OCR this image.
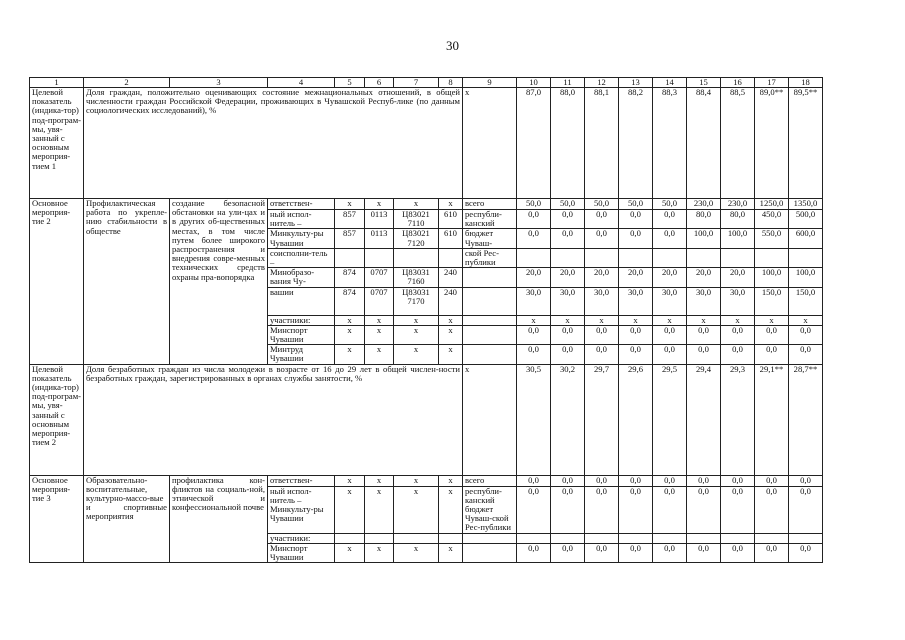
30
1	2	3	4	5	6	7	8	9	10	11	12	13	14	15	16	17	18
Целевой показатель (индика-тор) под-програм-мы, увя-занный с основным мероприя-тием 1	Доля граждан, положительно оценивающих состояние межнациональных отношений, в общей численности граждан Российской Федерации, проживающих в Чувашской Респуб-лике (по данным социологических исследований), %							х	87,0	88,0	88,1	88,2	88,3	88,4	88,5	89,0**	89,5**
Основное мероприя-тие 2	Профилактическая работа по укрепле-нию стабильности в обществе	создание безопасной обстановки на ули-цах и в других об-щественных местах, в том числе путем более широкого распространения и внедрения совре-менных технических средств охраны пра-вопорядка	ответствен-	х	х	х	х	всего	50,0	50,0	50,0	50,0	50,0	230,0	230,0	1250,0	1350,0
			ный испол-нитель –	857	0113	Ц83021 7110	610	республи-канский	0,0	0,0	0,0	0,0	0,0	80,0	80,0	450,0	500,0
			Минкульту-ры Чувашии	857	0113	Ц83021 7120	610	бюджет Чуваш-	0,0	0,0	0,0	0,0	0,0	100,0	100,0	550,0	600,0
			соисполни-тель –					ской Рес-публики									
			Минобразо-вания Чу-	874	0707	Ц83031 7160	240		20,0	20,0	20,0	20,0	20,0	20,0	20,0	100,0	100,0
			вашии	874	0707	Ц83031 7170	240		30,0	30,0	30,0	30,0	30,0	30,0	30,0	150,0	150,0
			участники:	х	х	х	х		х	х	х	х	х	х	х	х	х
			Минспорт Чувашии	х	х	х	х		0,0	0,0	0,0	0,0	0,0	0,0	0,0	0,0	0,0
			Минтруд Чувашии	х	х	х	х		0,0	0,0	0,0	0,0	0,0	0,0	0,0	0,0	0,0
Целевой показатель (индика-тор) под-програм-мы, увя-занный с основным мероприя-тием 2	Доля безработных граждан из числа молодежи в возрасте от 16 до 29 лет в общей числен-ности безработных граждан, зарегистрированных в органах службы занятости, %							х	30,5	30,2	29,7	29,6	29,5	29,4	29,3	29,1**	28,7**
Основное мероприя-тие 3	Образовательно-воспитательные, культурно-массо-вые и спортивные мероприятия	профилактика кон-фликтов на социаль-ной, этнической и конфессиональной почве	ответствен-	х	х	х	х	всего	0,0	0,0	0,0	0,0	0,0	0,0	0,0	0,0	0,0
			ный испол-нитель – Минкульту-ры Чувашии	х	х	х	х	республи-канский бюджет Чуваш-ской Рес-публики	0,0	0,0	0,0	0,0	0,0	0,0	0,0	0,0	0,0
			участники:														
			Минспорт Чувашии	х	х	х	х		0,0	0,0	0,0	0,0	0,0	0,0	0,0	0,0	0,0
